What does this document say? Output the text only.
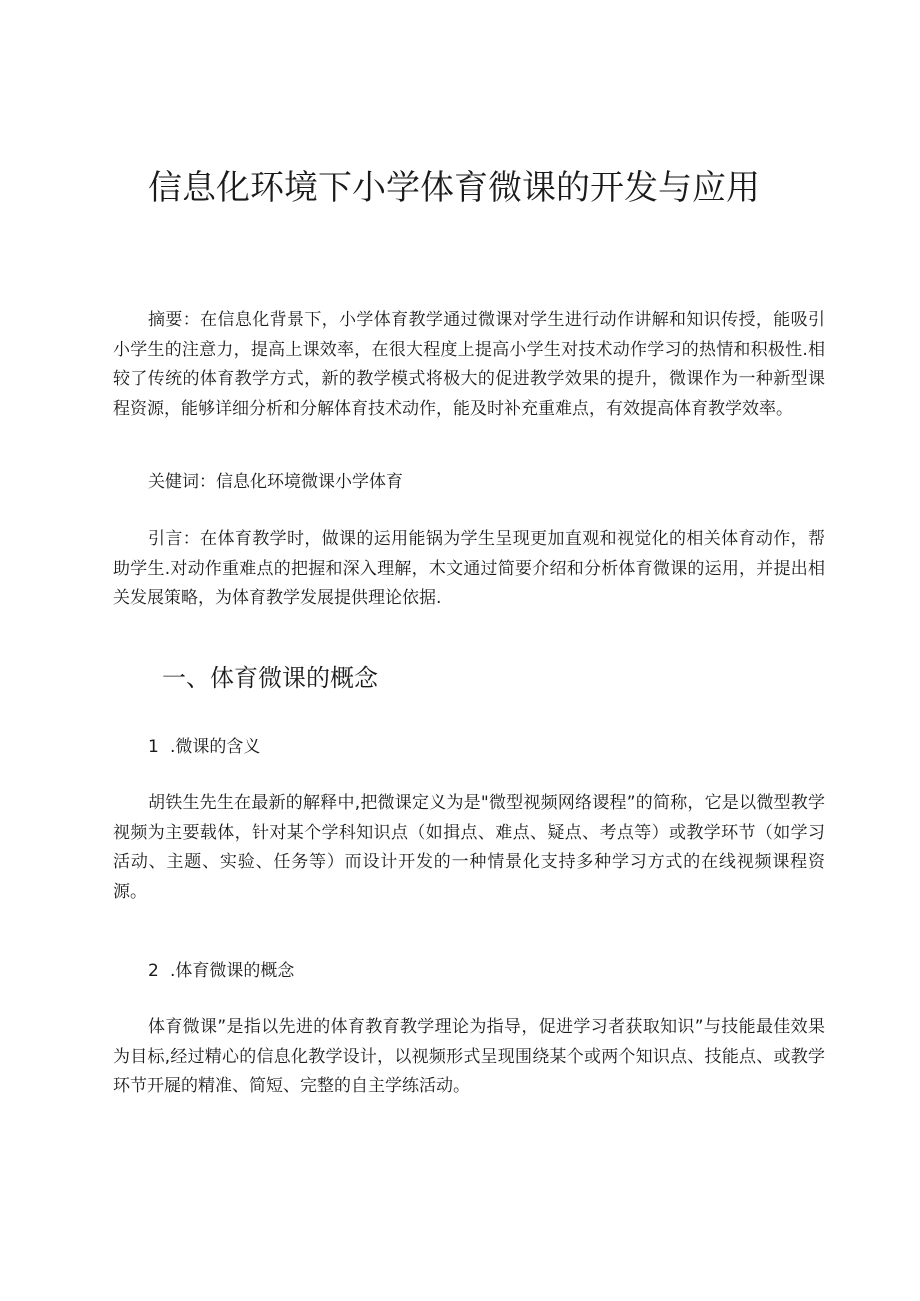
信息化环境下小学体育微课的开发与应用

摘要：在信息化背景下，小学体育教学通过微课对学生进行动作讲解和知识传授，能吸引小学生的注意力，提高上课效率，在很大程度上提高小学生对技术动作学习的热情和积极性.相较了传统的体育教学方式，新的教学模式将极大的促进教学效果的提升，微课作为一种新型课程资源，能够详细分析和分解体育技术动作，能及时补充重难点，有效提高体育教学效率。

关健词：信息化环境微课小学体育

引言：在体育教学时，做课的运用能锅为学生呈现更加直观和视觉化的相关体育动作，帮助学生.对动作重难点的把握和深入理解，木文通过简要介绍和分析体育微课的运用，并提出相关发展策略，为体育教学发展提供理论依据.

一、体育微课的概念

1 .微课的含义

胡铁生先生在最新的解释中,把微课定义为是"微型视频网络谡程”的简称，它是以微型教学视频为主要载体，针对某个学科知识点（如揖点、难点、疑点、考点等）或教学环节（如学习活动、主题、实验、任务等）而设计开发的一种情景化支持多种学习方式的在线视频课程资源。

2 .体育微课的概念

体育微课”是指以先进的体育教育教学理论为指导，促进学习者获取知识”与技能最佳效果为目标,经过精心的信息化教学设计，以视频形式呈现围绕某个或两个知识点、技能点、或教学环节开屣的精准、简短、完整的自主学练活动。
